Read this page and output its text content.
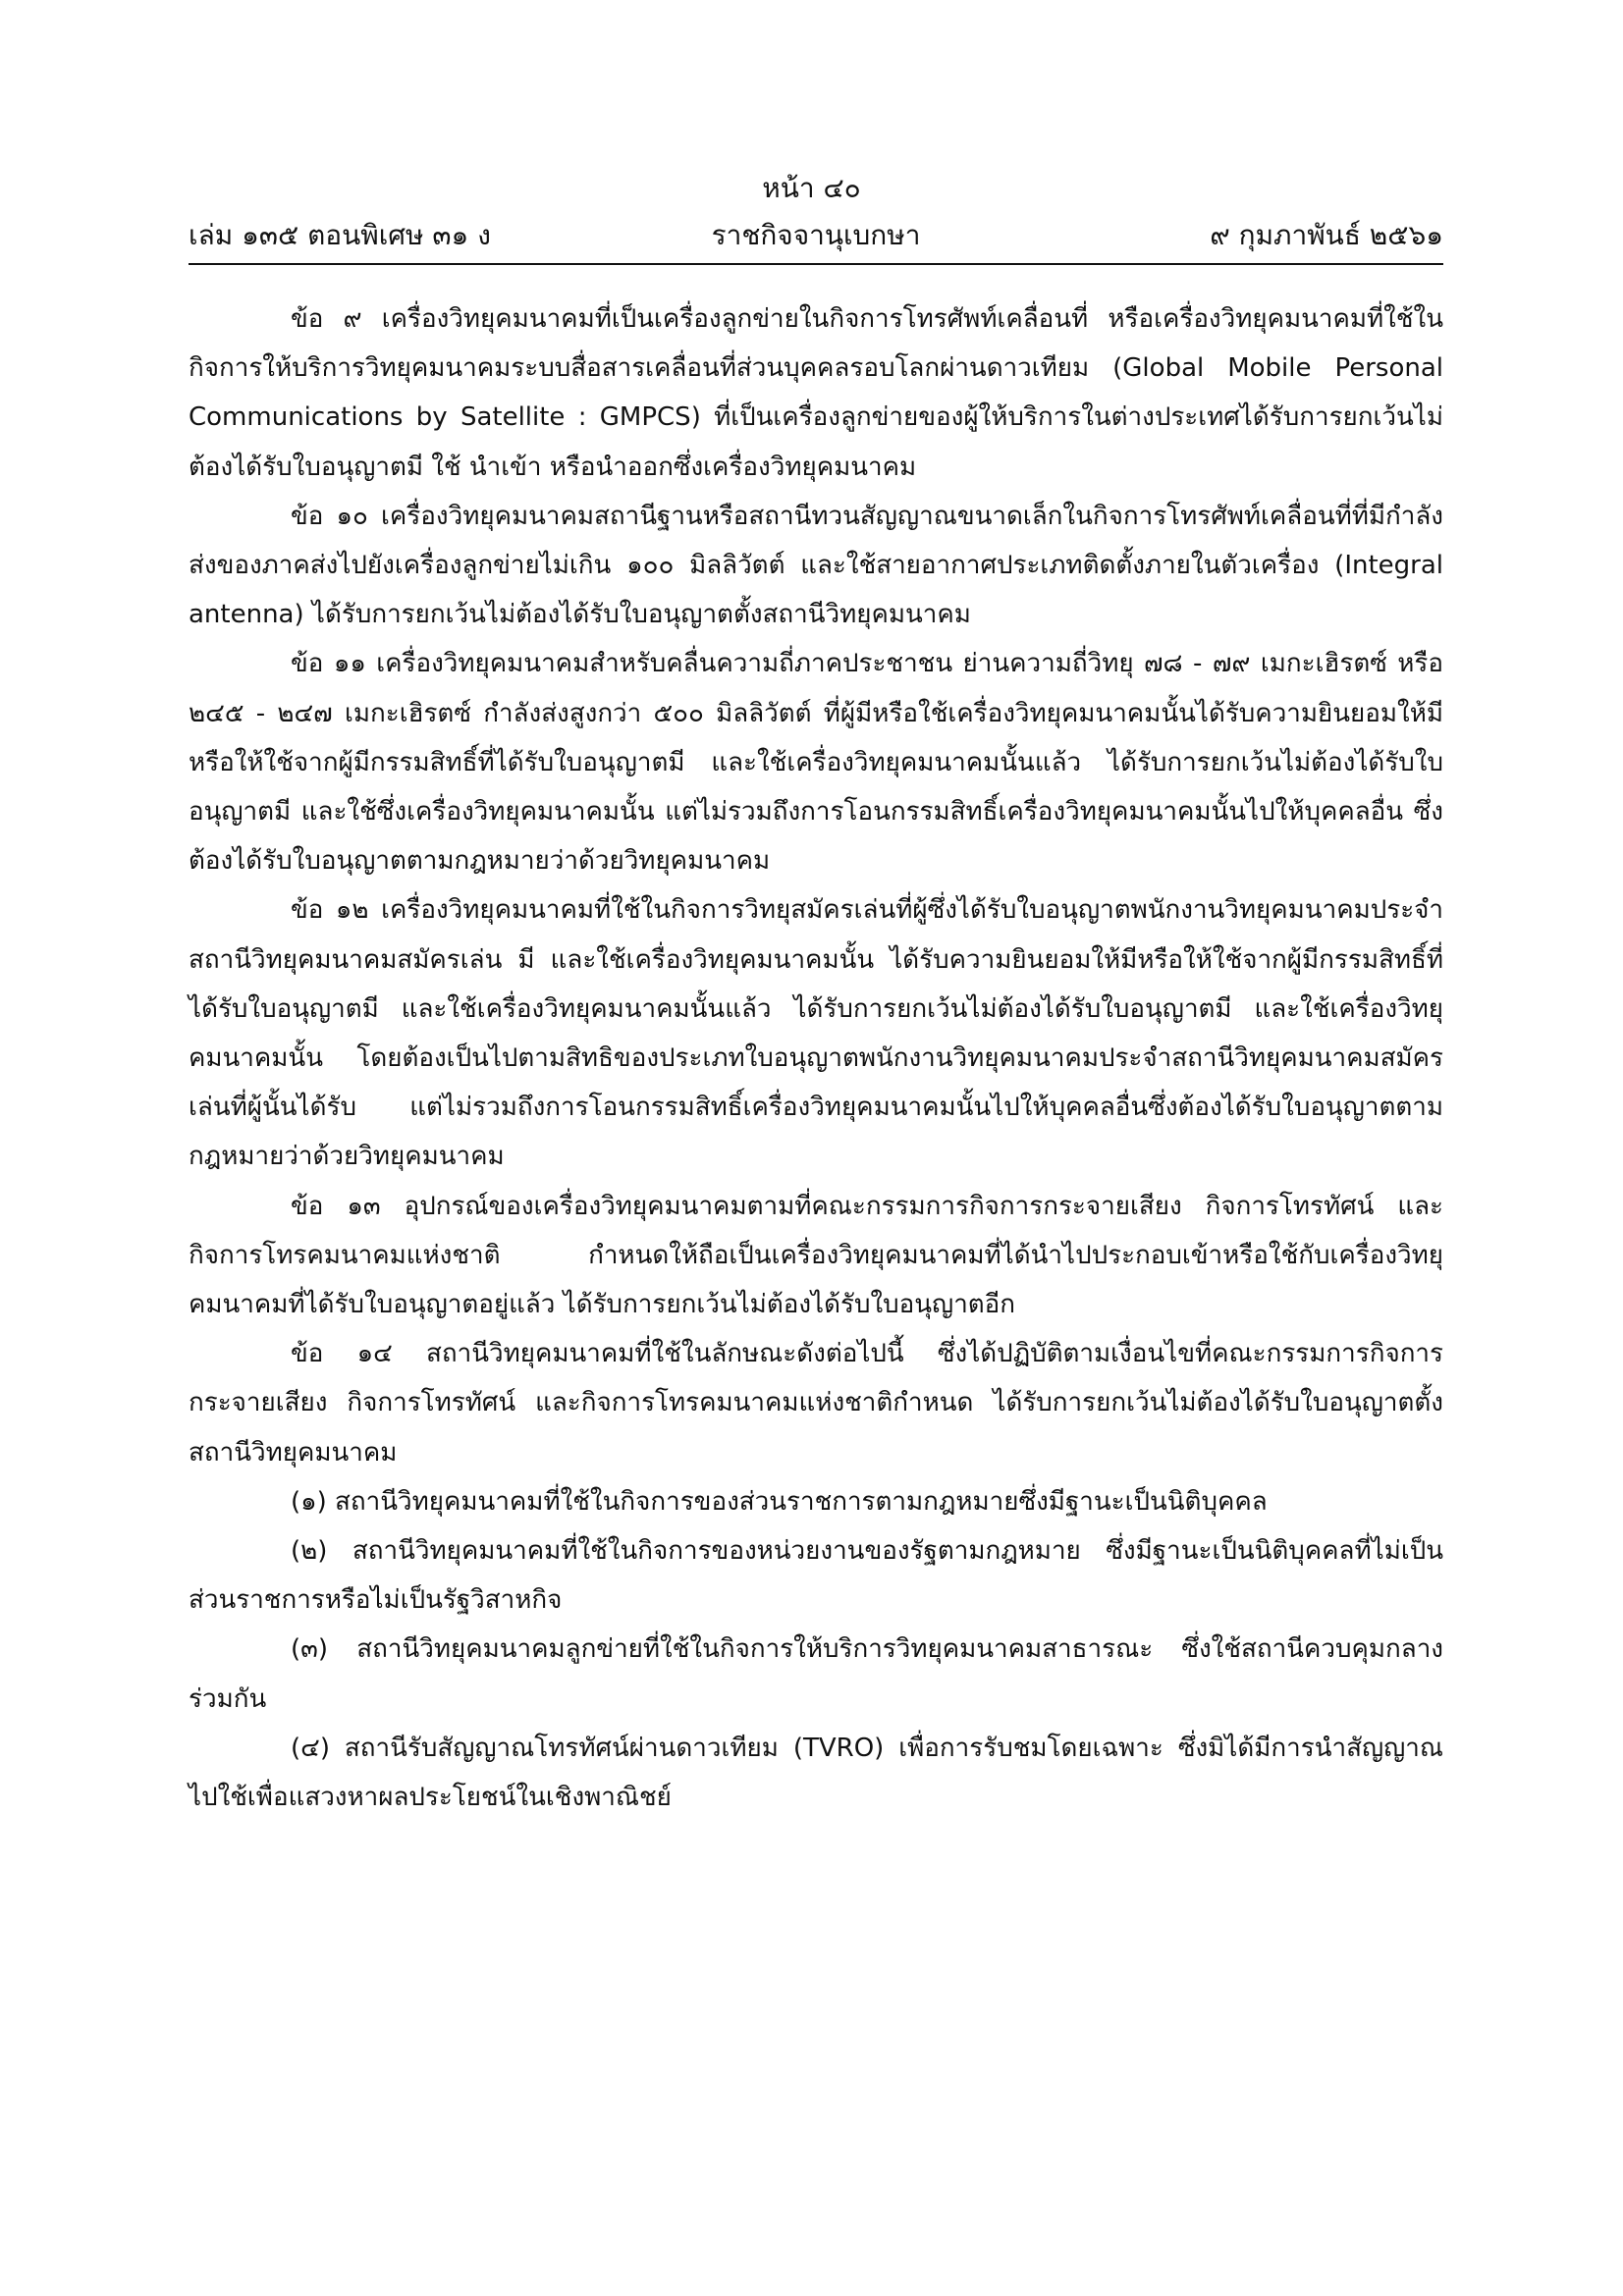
หน้า ๔๐
เล่ม ๑๓๕ ตอนพิเศษ ๓๑ ง	ราชกิจจานุเบกษา	๙ กุมภาพันธ์ ๒๕๖๑

ข้อ ๙ เครื่องวิทยุคมนาคมที่เป็นเครื่องลูกข่ายในกิจการโทรศัพท์เคลื่อนที่ หรือเครื่องวิทยุคมนาคมที่ใช้ในกิจการให้บริการวิทยุคมนาคมระบบสื่อสารเคลื่อนที่ส่วนบุคคลรอบโลกผ่านดาวเทียม (Global Mobile Personal Communications by Satellite : GMPCS) ที่เป็นเครื่องลูกข่ายของผู้ให้บริการในต่างประเทศได้รับการยกเว้นไม่ต้องได้รับใบอนุญาตมี ใช้ นำเข้า หรือนำออกซึ่งเครื่องวิทยุคมนาคม

ข้อ ๑๐ เครื่องวิทยุคมนาคมสถานีฐานหรือสถานีทวนสัญญาณขนาดเล็กในกิจการโทรศัพท์เคลื่อนที่ที่มีกำลังส่งของภาคส่งไปยังเครื่องลูกข่ายไม่เกิน ๑๐๐ มิลลิวัตต์ และใช้สายอากาศประเภทติดตั้งภายในตัวเครื่อง (Integral antenna) ได้รับการยกเว้นไม่ต้องได้รับใบอนุญาตตั้งสถานีวิทยุคมนาคม

ข้อ ๑๑ เครื่องวิทยุคมนาคมสำหรับคลื่นความถี่ภาคประชาชน ย่านความถี่วิทยุ ๗๘ - ๗๙ เมกะเฮิรตซ์ หรือ ๒๔๕ - ๒๔๗ เมกะเฮิรตซ์ กำลังส่งสูงกว่า ๕๐๐ มิลลิวัตต์ ที่ผู้มีหรือใช้เครื่องวิทยุคมนาคมนั้นได้รับความยินยอมให้มีหรือให้ใช้จากผู้มีกรรมสิทธิ์ที่ได้รับใบอนุญาตมี และใช้เครื่องวิทยุคมนาคมนั้นแล้ว ได้รับการยกเว้นไม่ต้องได้รับใบอนุญาตมี และใช้ซึ่งเครื่องวิทยุคมนาคมนั้น แต่ไม่รวมถึงการโอนกรรมสิทธิ์เครื่องวิทยุคมนาคมนั้นไปให้บุคคลอื่น ซึ่งต้องได้รับใบอนุญาตตามกฎหมายว่าด้วยวิทยุคมนาคม

ข้อ ๑๒ เครื่องวิทยุคมนาคมที่ใช้ในกิจการวิทยุสมัครเล่นที่ผู้ซึ่งได้รับใบอนุญาตพนักงานวิทยุคมนาคมประจำสถานีวิทยุคมนาคมสมัครเล่น มี และใช้เครื่องวิทยุคมนาคมนั้น ได้รับความยินยอมให้มีหรือให้ใช้จากผู้มีกรรมสิทธิ์ที่ได้รับใบอนุญาตมี และใช้เครื่องวิทยุคมนาคมนั้นแล้ว ได้รับการยกเว้นไม่ต้องได้รับใบอนุญาตมี และใช้เครื่องวิทยุคมนาคมนั้น โดยต้องเป็นไปตามสิทธิของประเภทใบอนุญาตพนักงานวิทยุคมนาคมประจำสถานีวิทยุคมนาคมสมัครเล่นที่ผู้นั้นได้รับ แต่ไม่รวมถึงการโอนกรรมสิทธิ์เครื่องวิทยุคมนาคมนั้นไปให้บุคคลอื่นซึ่งต้องได้รับใบอนุญาตตามกฎหมายว่าด้วยวิทยุคมนาคม

ข้อ ๑๓ อุปกรณ์ของเครื่องวิทยุคมนาคมตามที่คณะกรรมการกิจการกระจายเสียง กิจการโทรทัศน์ และกิจการโทรคมนาคมแห่งชาติ กำหนดให้ถือเป็นเครื่องวิทยุคมนาคมที่ได้นำไปประกอบเข้าหรือใช้กับเครื่องวิทยุคมนาคมที่ได้รับใบอนุญาตอยู่แล้ว ได้รับการยกเว้นไม่ต้องได้รับใบอนุญาตอีก

ข้อ ๑๔ สถานีวิทยุคมนาคมที่ใช้ในลักษณะดังต่อไปนี้ ซึ่งได้ปฏิบัติตามเงื่อนไขที่คณะกรรมการกิจการกระจายเสียง กิจการโทรทัศน์ และกิจการโทรคมนาคมแห่งชาติกำหนด ได้รับการยกเว้นไม่ต้องได้รับใบอนุญาตตั้งสถานีวิทยุคมนาคม

(๑) สถานีวิทยุคมนาคมที่ใช้ในกิจการของส่วนราชการตามกฎหมายซึ่งมีฐานะเป็นนิติบุคคล

(๒) สถานีวิทยุคมนาคมที่ใช้ในกิจการของหน่วยงานของรัฐตามกฎหมาย ซึ่งมีฐานะเป็นนิติบุคคลที่ไม่เป็นส่วนราชการหรือไม่เป็นรัฐวิสาหกิจ

(๓) สถานีวิทยุคมนาคมลูกข่ายที่ใช้ในกิจการให้บริการวิทยุคมนาคมสาธารณะ ซึ่งใช้สถานีควบคุมกลางร่วมกัน

(๔) สถานีรับสัญญาณโทรทัศน์ผ่านดาวเทียม (TVRO) เพื่อการรับชมโดยเฉพาะ ซึ่งมิได้มีการนำสัญญาณไปใช้เพื่อแสวงหาผลประโยชน์ในเชิงพาณิชย์
